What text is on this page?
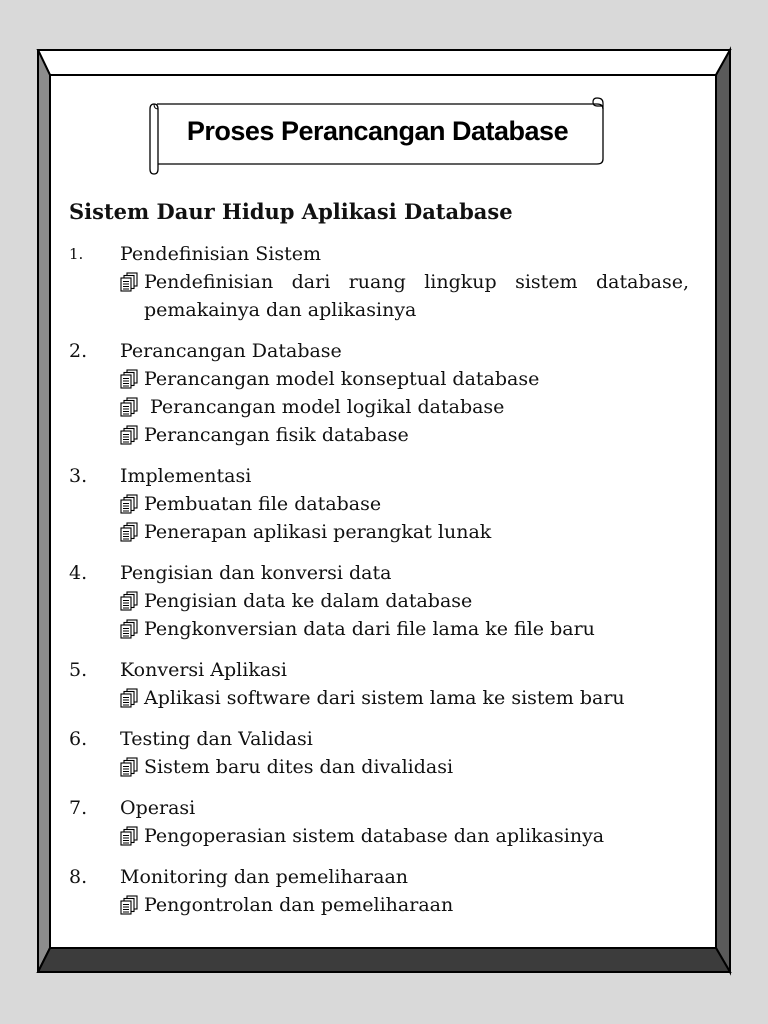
Proses Perancangan Database
Sistem Daur Hidup Aplikasi Database
1.	Pendefinisian Sistem
Pendefinisian dari ruang lingkup sistem database,
pemakainya dan aplikasinya
2.	Perancangan Database
Perancangan model konseptual database
Perancangan model logikal database
Perancangan fisik database
3.	Implementasi
Pembuatan file database
Penerapan aplikasi perangkat lunak
4.	Pengisian dan konversi data
Pengisian data ke dalam database
Pengkonversian data dari file lama ke file baru
5.	Konversi Aplikasi
Aplikasi software dari sistem lama ke sistem baru
6.	Testing dan Validasi
Sistem baru dites dan divalidasi
7.	Operasi
Pengoperasian sistem database dan aplikasinya
8.	Monitoring dan pemeliharaan
Pengontrolan dan pemeliharaan
